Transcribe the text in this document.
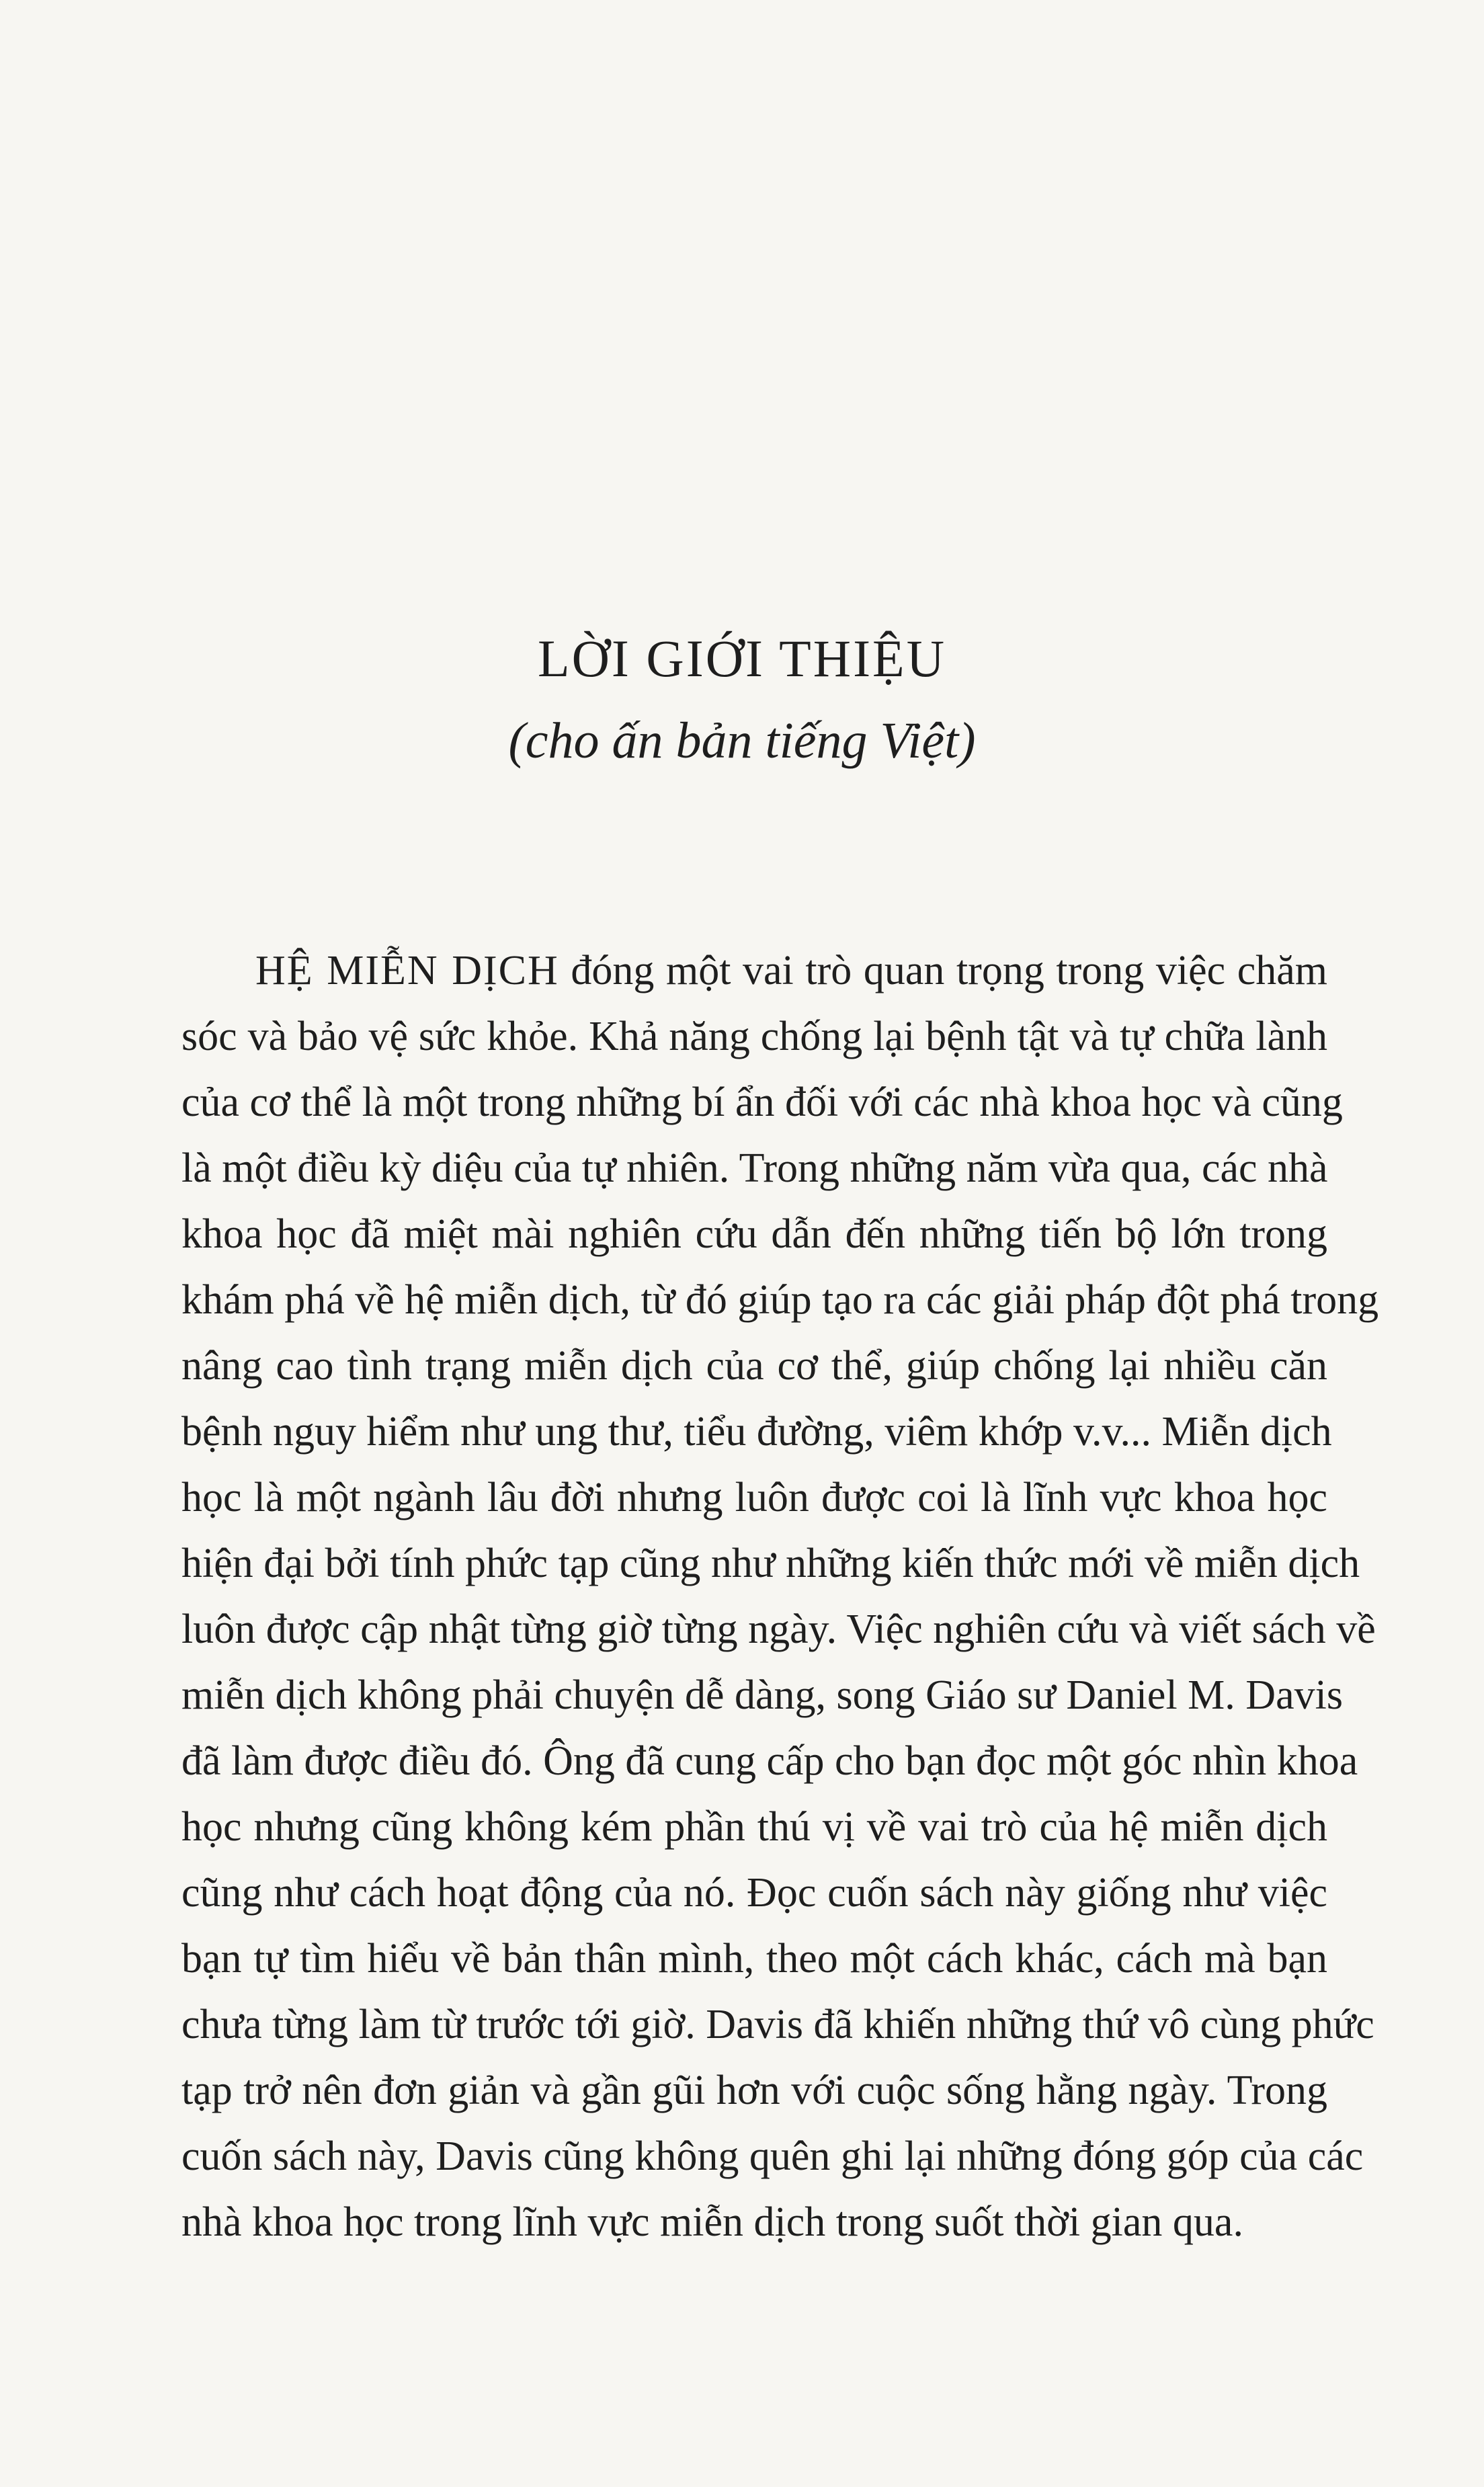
LỜI GIỚI THIỆU
(cho ấn bản tiếng Việt)
HỆ MIỄN DỊCH đóng một vai trò quan trọng trong việc chăm
sóc và bảo vệ sức khỏe. Khả năng chống lại bệnh tật và tự chữa lành
của cơ thể là một trong những bí ẩn đối với các nhà khoa học và cũng
là một điều kỳ diệu của tự nhiên. Trong những năm vừa qua, các nhà
khoa học đã miệt mài nghiên cứu dẫn đến những tiến bộ lớn trong
khám phá về hệ miễn dịch, từ đó giúp tạo ra các giải pháp đột phá trong
nâng cao tình trạng miễn dịch của cơ thể, giúp chống lại nhiều căn
bệnh nguy hiểm như ung thư, tiểu đường, viêm khớp v.v... Miễn dịch
học là một ngành lâu đời nhưng luôn được coi là lĩnh vực khoa học
hiện đại bởi tính phức tạp cũng như những kiến thức mới về miễn dịch
luôn được cập nhật từng giờ từng ngày. Việc nghiên cứu và viết sách về
miễn dịch không phải chuyện dễ dàng, song Giáo sư Daniel M. Davis
đã làm được điều đó. Ông đã cung cấp cho bạn đọc một góc nhìn khoa
học nhưng cũng không kém phần thú vị về vai trò của hệ miễn dịch
cũng như cách hoạt động của nó. Đọc cuốn sách này giống như việc
bạn tự tìm hiểu về bản thân mình, theo một cách khác, cách mà bạn
chưa từng làm từ trước tới giờ. Davis đã khiến những thứ vô cùng phức
tạp trở nên đơn giản và gần gũi hơn với cuộc sống hằng ngày. Trong
cuốn sách này, Davis cũng không quên ghi lại những đóng góp của các
nhà khoa học trong lĩnh vực miễn dịch trong suốt thời gian qua.
